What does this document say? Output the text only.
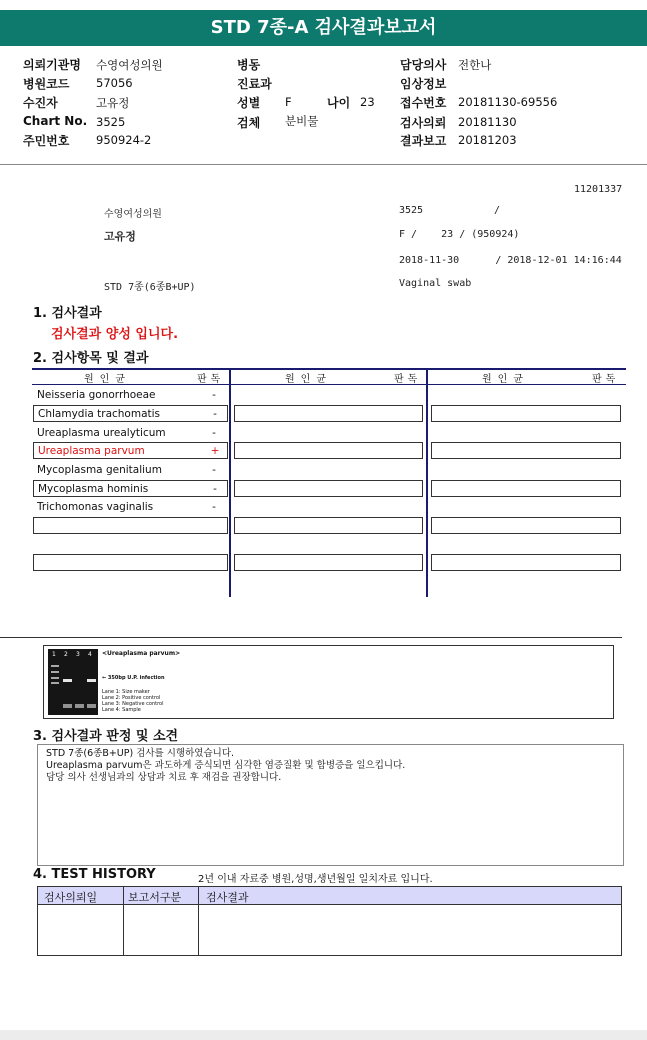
STD 7종-A 검사결과보고서
의뢰기관명 수영여성의원
병원코드 57056
수진자	고유정
Chart No. 3525
주민번호 950924-2
병동
진료과
성별 F	나이 23
검체 분비물
담당의사 전한나
임상정보
접수번호 20181130-69556
검사의뢰 20181130
결과보고 20181203
11201337
수영여성의원	3525	/
고유정	F /    23 / (950924)
2018-11-30      / 2018-12-01 14:16:44
STD 7종(6종B+UP)	Vaginal swab
1. 검사결과
검사결과 양성 입니다.
2. 검사항목 및 결과
원인균	판독	원인균	판독	원인균	판독
Neisseria gonorrhoeae	-
Chlamydia trachomatis	-
Ureaplasma urealyticum	-
Ureaplasma parvum	+
Mycoplasma genitalium	-
Mycoplasma hominis	-
Trichomonas vaginalis	-
1 2 3 4 <Ureaplasma parvum>
← 350bp U.P. infection
Lane 1: Size maker
Lane 2: Positive control
Lane 3: Negative control
Lane 4: Sample
3. 검사결과 판정 및 소견
STD 7종(6종B+UP) 검사를 시행하였습니다.
Ureaplasma parvum은 과도하게 증식되면 심각한 염증질환 및 합병증을 일으킵니다.
담당 의사 선생님과의 상담과 치료 후 재검을 권장합니다.
4. TEST HISTORY	2년 이내 자료중 병원,성명,생년월일 일치자료 입니다.
검사의뢰일	보고서구분 검사결과
